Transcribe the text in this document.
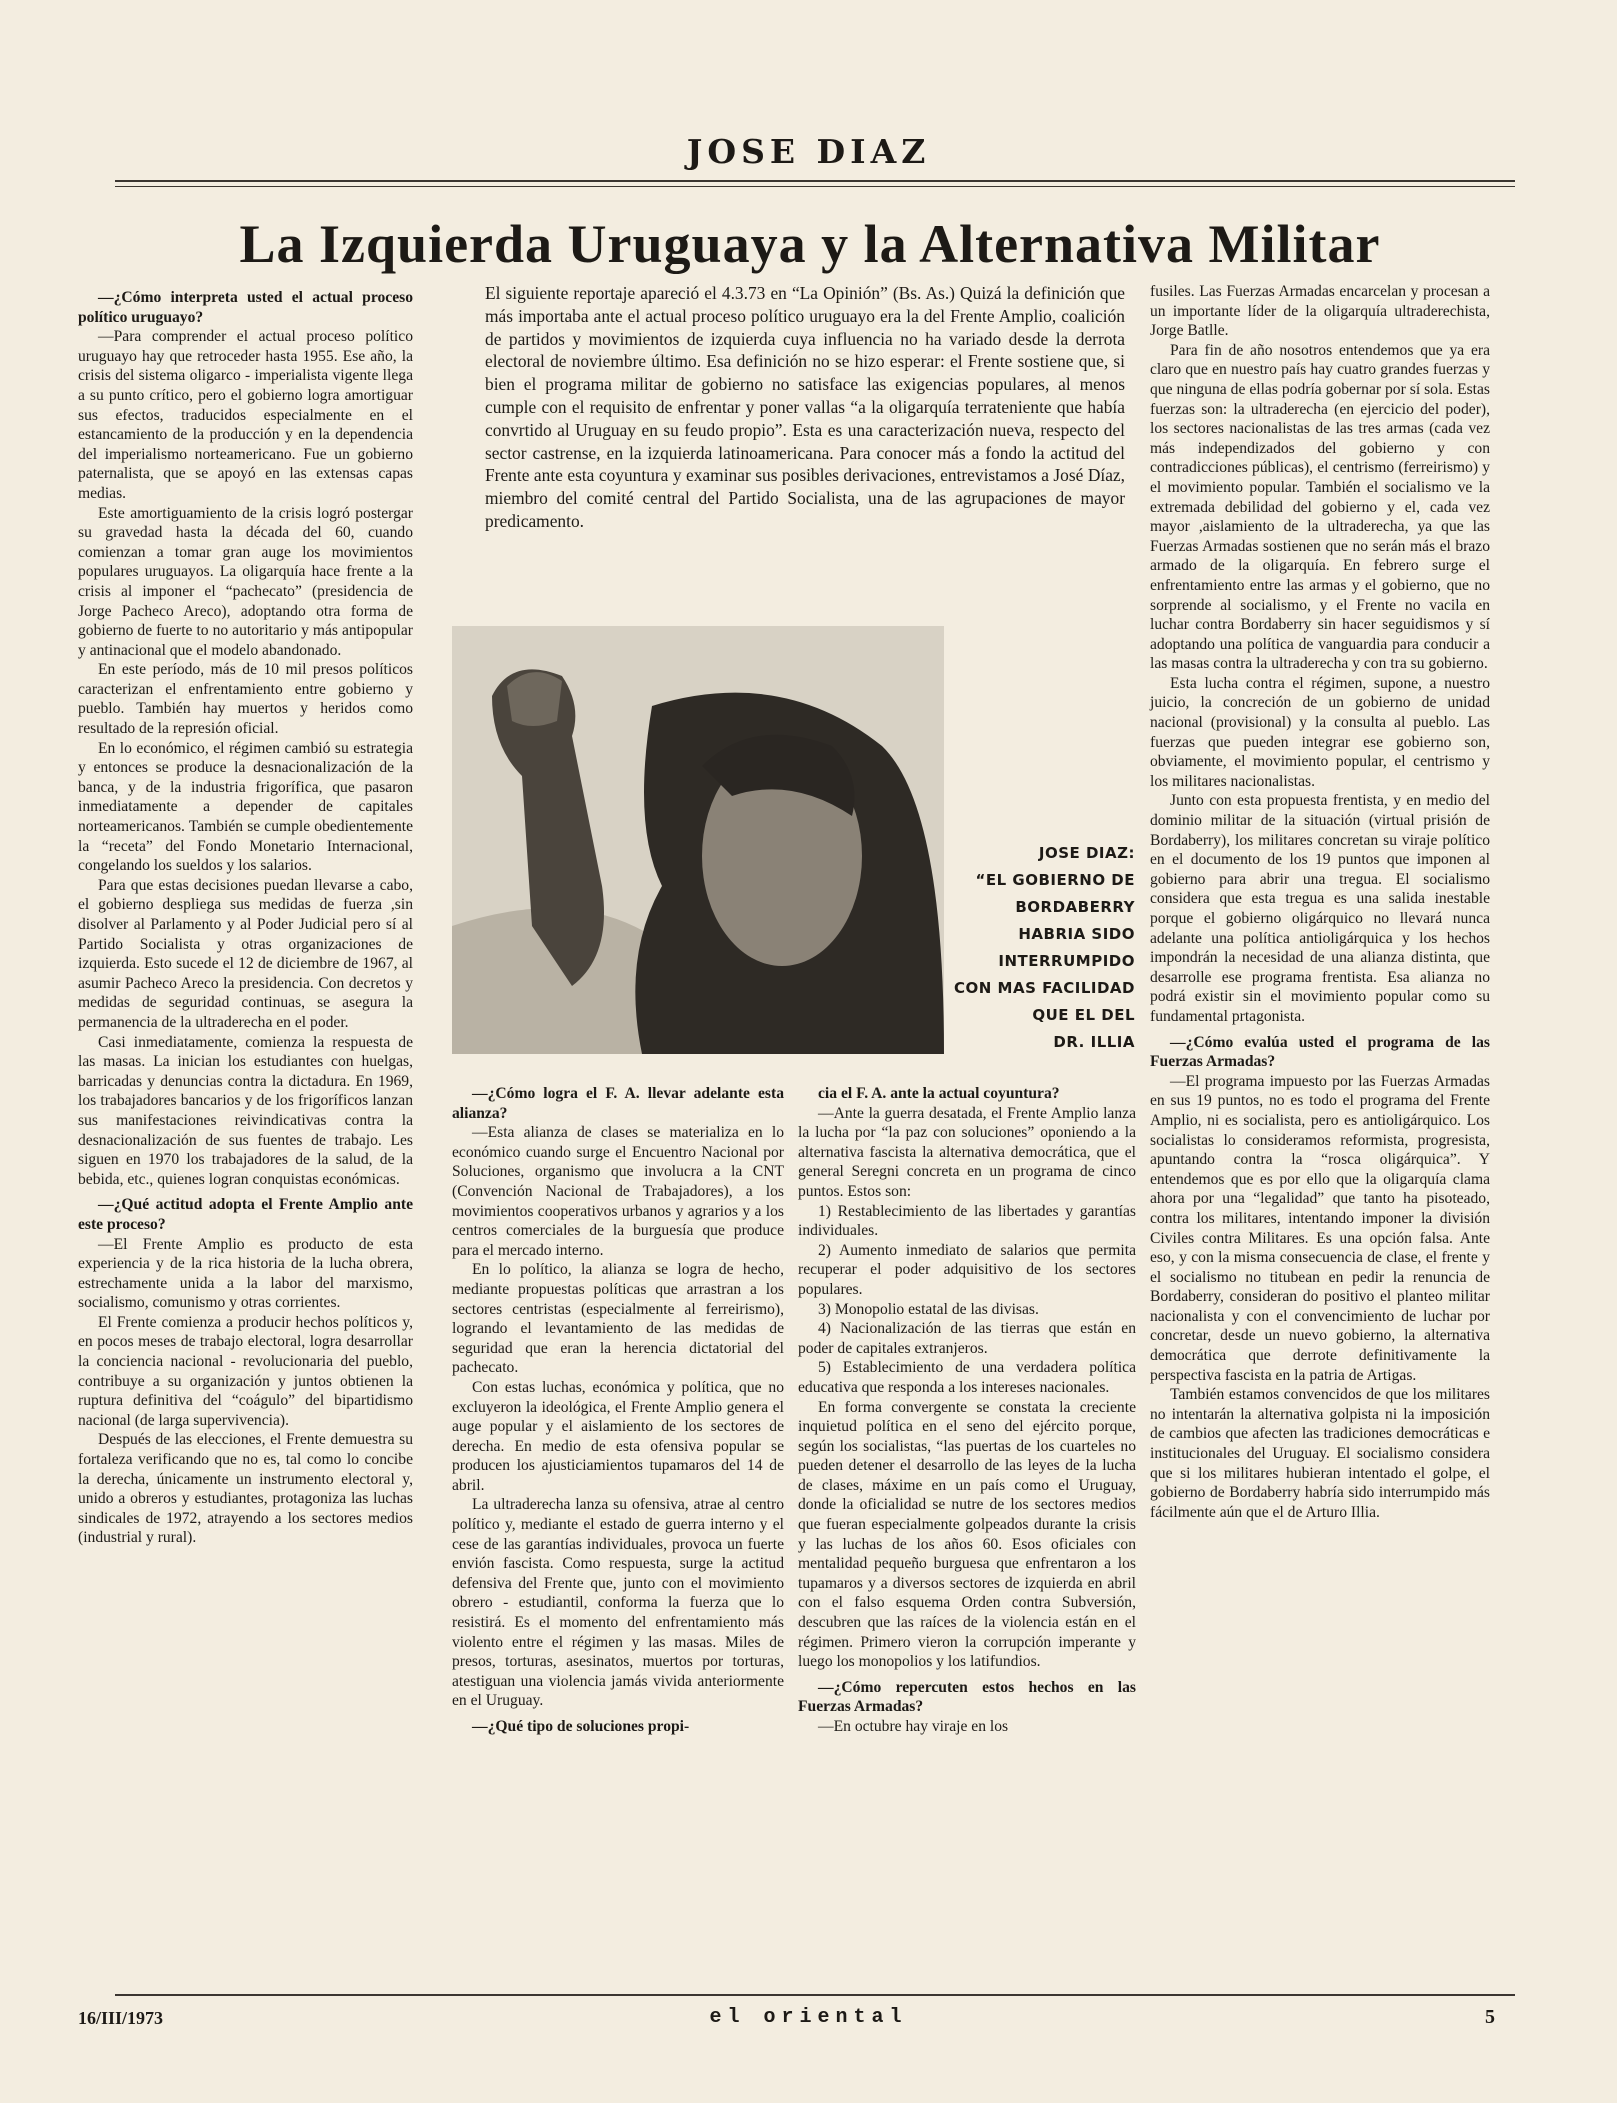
JOSE DIAZ
La Izquierda Uruguaya y la Alternativa Militar

—¿Cómo interpreta usted el actual proceso político uruguayo?

—Para comprender el actual proceso político uruguayo hay que retroceder hasta 1955. Ese año, la crisis del sistema oligarco - imperialista vigente llega a su punto crítico, pero el gobierno logra amortiguar sus efectos, traducidos especialmente en el estancamiento de la producción y en la dependencia del imperialismo norteamericano. Fue un gobierno paternalista, que se apoyó en las extensas capas medias.

Este amortiguamiento de la crisis logró postergar su gravedad hasta la década del 60, cuando comienzan a tomar gran auge los movimientos populares uruguayos. La oligarquía hace frente a la crisis al imponer el “pachecato” (presidencia de Jorge Pacheco Areco), adoptando otra forma de gobierno de fuerte to no autoritario y más antipopular y antinacional que el modelo abandonado.

En este período, más de 10 mil presos políticos caracterizan el enfrentamiento entre gobierno y pueblo. También hay muertos y heridos como resultado de la represión oficial.

En lo económico, el régimen cambió su estrategia y entonces se produce la desnacionalización de la banca, y de la industria frigorífica, que pasaron inmediatamente a depender de capitales norteamericanos. También se cumple obedientemente la “receta” del Fondo Monetario Internacional, congelando los sueldos y los salarios.

Para que estas decisiones puedan llevarse a cabo, el gobierno despliega sus medidas de fuerza ,sin disolver al Parlamento y al Poder Judicial pero sí al Partido Socialista y otras organizaciones de izquierda. Esto sucede el 12 de diciembre de 1967, al asumir Pacheco Areco la presidencia. Con decretos y medidas de seguridad continuas, se asegura la permanencia de la ultraderecha en el poder.

Casi inmediatamente, comienza la respuesta de las masas. La inician los estudiantes con huelgas, barricadas y denuncias contra la dictadura. En 1969, los trabajadores bancarios y de los frigoríficos lanzan sus manifestaciones reivindicativas contra la desnacionalización de sus fuentes de trabajo. Les siguen en 1970 los trabajadores de la salud, de la bebida, etc., quienes logran conquistas económicas.

—¿Qué actitud adopta el Frente Amplio ante este proceso?

—El Frente Amplio es producto de esta experiencia y de la rica historia de la lucha obrera, estrechamente unida a la labor del marxismo, socialismo, comunismo y otras corrientes.

El Frente comienza a producir hechos políticos y, en pocos meses de trabajo electoral, logra desarrollar la conciencia nacional - revolucionaria del pueblo, contribuye a su organización y juntos obtienen la ruptura definitiva del “coágulo” del bipartidismo nacional (de larga supervivencia).

Después de las elecciones, el Frente demuestra su fortaleza verificando que no es, tal como lo concibe la derecha, únicamente un instrumento electoral y, unido a obreros y estudiantes, protagoniza las luchas sindicales de 1972, atrayendo a los sectores medios (industrial y rural).

El siguiente reportaje apareció el 4.3.73 en “La Opinión” (Bs. As.) Quizá la definición que más importaba ante el actual proceso político uruguayo era la del Frente Amplio, coalición de partidos y movimientos de izquierda cuya influencia no ha variado desde la derrota electoral de noviembre último. Esa definición no se hizo esperar: el Frente sostiene que, si bien el programa militar de gobierno no satisface las exigencias populares, al menos cumple con el requisito de enfrentar y poner vallas “a la oligarquía terrateniente que había convrtido al Uruguay en su feudo propio”. Esta es una caracterización nueva, respecto del sector castrense, en la izquierda latinoamericana. Para conocer más a fondo la actitud del Frente ante esta coyuntura y examinar sus posibles derivaciones, entrevistamos a José Díaz, miembro del comité central del Partido Socialista, una de las agrupaciones de mayor predicamento.

fusiles. Las Fuerzas Armadas encarcelan y procesan a un importante líder de la oligarquía ultraderechista, Jorge Batlle.

Para fin de año nosotros entendemos que ya era claro que en nuestro país hay cuatro grandes fuerzas y que ninguna de ellas podría gobernar por sí sola. Estas fuerzas son: la ultraderecha (en ejercicio del poder), los sectores nacionalistas de las tres armas (cada vez más independizados del gobierno y con contradicciones públicas), el centrismo (ferreirismo) y el movimiento popular. También el socialismo ve la extremada debilidad del gobierno y el, cada vez mayor ,aislamiento de la ultraderecha, ya que las Fuerzas Armadas sostienen que no serán más el brazo armado de la oligarquía. En febrero surge el enfrentamiento entre las armas y el gobierno, que no sorprende al socialismo, y el Frente no vacila en luchar contra Bordaberry sin hacer seguidismos y sí adoptando una política de vanguardia para conducir a las masas contra la ultraderecha y con tra su gobierno.

Esta lucha contra el régimen, supone, a nuestro juicio, la concreción de un gobierno de unidad nacional (provisional) y la consulta al pueblo. Las fuerzas que pueden integrar ese gobierno son, obviamente, el movimiento popular, el centrismo y los militares nacionalistas.

Junto con esta propuesta frentista, y en medio del dominio militar de la situación (virtual prisión de Bordaberry), los militares concretan su viraje político en el documento de los 19 puntos que imponen al gobierno para abrir una tregua. El socialismo considera que esta tregua es una salida inestable porque el gobierno oligárquico no llevará nunca adelante una política antioligárquica y los hechos impondrán la necesidad de una alianza distinta, que desarrolle ese programa frentista. Esa alianza no podrá existir sin el movimiento popular como su fundamental prtagonista.

—¿Cómo evalúa usted el programa de las Fuerzas Armadas?

—El programa impuesto por las Fuerzas Armadas en sus 19 puntos, no es todo el programa del Frente Amplio, ni es socialista, pero es antioligárquico. Los socialistas lo consideramos reformista, progresista, apuntando contra la “rosca oligárquica”. Y entendemos que es por ello que la oligarquía clama ahora por una “legalidad” que tanto ha pisoteado, contra los militares, intentando imponer la división Civiles contra Militares. Es una opción falsa. Ante eso, y con la misma consecuencia de clase, el frente y el socialismo no titubean en pedir la renuncia de Bordaberry, consideran do positivo el planteo militar nacionalista y con el convencimiento de luchar por concretar, desde un nuevo gobierno, la alternativa democrática que derrote definitivamente la perspectiva fascista en la patria de Artigas.

También estamos convencidos de que los militares no intentarán la alternativa golpista ni la imposición de cambios que afecten las tradiciones democráticas e institucionales del Uruguay. El socialismo considera que si los militares hubieran intentado el golpe, el gobierno de Bordaberry habría sido interrumpido más fácilmente aún que el de Arturo Illia.

JOSE DIAZ:
“EL GOBIERNO DE
BORDABERRY
HABRIA SIDO
INTERRUMPIDO
CON MAS FACILIDAD
QUE EL DEL
DR. ILLIA

—¿Cómo logra el F. A. llevar adelante esta alianza?

—Esta alianza de clases se materializa en lo económico cuando surge el Encuentro Nacional por Soluciones, organismo que involucra a la CNT (Convención Nacional de Trabajadores), a los movimientos cooperativos urbanos y agrarios y a los centros comerciales de la burguesía que produce para el mercado interno.

En lo político, la alianza se logra de hecho, mediante propuestas políticas que arrastran a los sectores centristas (especialmente al ferreirismo), logrando el levantamiento de las medidas de seguridad que eran la herencia dictatorial del pachecato.

Con estas luchas, económica y política, que no excluyeron la ideológica, el Frente Amplio genera el auge popular y el aislamiento de los sectores de derecha. En medio de esta ofensiva popular se producen los ajusticiamientos tupamaros del 14 de abril.

La ultraderecha lanza su ofensiva, atrae al centro político y, mediante el estado de guerra interno y el cese de las garantías individuales, provoca un fuerte envión fascista. Como respuesta, surge la actitud defensiva del Frente que, junto con el movimiento obrero - estudiantil, conforma la fuerza que lo resistirá. Es el momento del enfrentamiento más violento entre el régimen y las masas. Miles de presos, torturas, asesinatos, muertos por torturas, atestiguan una violencia jamás vivida anteriormente en el Uruguay.

—¿Qué tipo de soluciones propi-

cia el F. A. ante la actual coyuntura?

—Ante la guerra desatada, el Frente Amplio lanza la lucha por “la paz con soluciones” oponiendo a la alternativa fascista la alternativa democrática, que el general Seregni concreta en un programa de cinco puntos. Estos son:

1) Restablecimiento de las libertades y garantías individuales.

2) Aumento inmediato de salarios que permita recuperar el poder adquisitivo de los sectores populares.

3) Monopolio estatal de las divisas.

4) Nacionalización de las tierras que están en poder de capitales extranjeros.

5) Establecimiento de una verdadera política educativa que responda a los intereses nacionales.

En forma convergente se constata la creciente inquietud política en el seno del ejército porque, según los socialistas, “las puertas de los cuarteles no pueden detener el desarrollo de las leyes de la lucha de clases, máxime en un país como el Uruguay, donde la oficialidad se nutre de los sectores medios que fueran especialmente golpeados durante la crisis y las luchas de los años 60. Esos oficiales con mentalidad pequeño burguesa que enfrentaron a los tupamaros y a diversos sectores de izquierda en abril con el falso esquema Orden contra Subversión, descubren que las raíces de la violencia están en el régimen. Primero vieron la corrupción imperante y luego los monopolios y los latifundios.

—¿Cómo repercuten estos hechos en las Fuerzas Armadas?

—En octubre hay viraje en los

16/III/1973	el oriental	5
